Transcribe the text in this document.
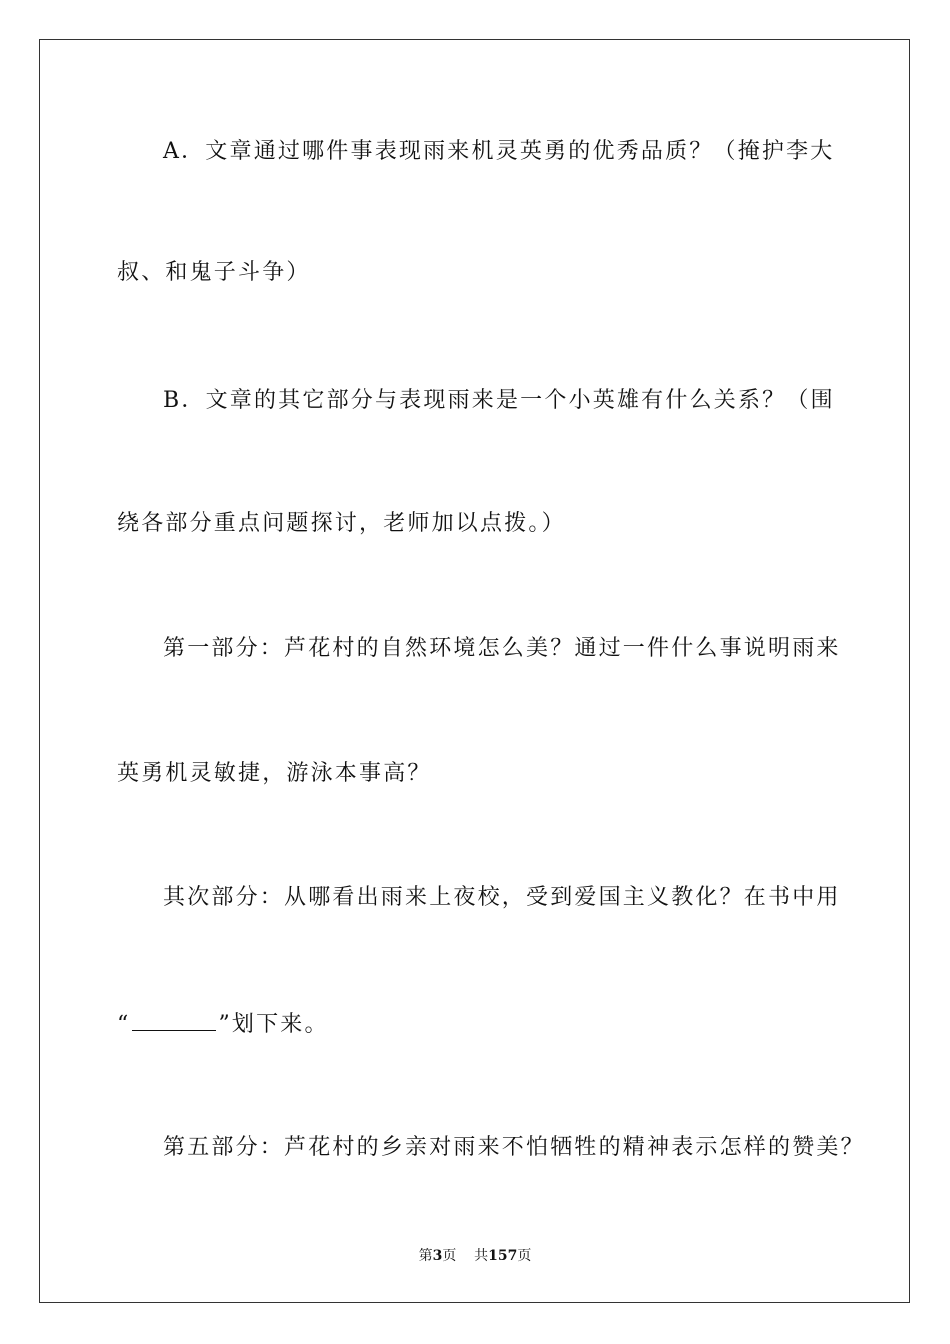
A．文章通过哪件事表现雨来机灵英勇的优秀品质？（掩护李大
叔、和鬼子斗争）
B．文章的其它部分与表现雨来是一个小英雄有什么关系？（围
绕各部分重点问题探讨，老师加以点拨。）
第一部分：芦花村的自然环境怎么美？通过一件什么事说明雨来
英勇机灵敏捷，游泳本事高？
其次部分：从哪看出雨来上夜校，受到爱国主义教化？在书中用
“	”划下来。
第五部分：芦花村的乡亲对雨来不怕牺牲的精神表示怎样的赞美？
第3页 共157页
